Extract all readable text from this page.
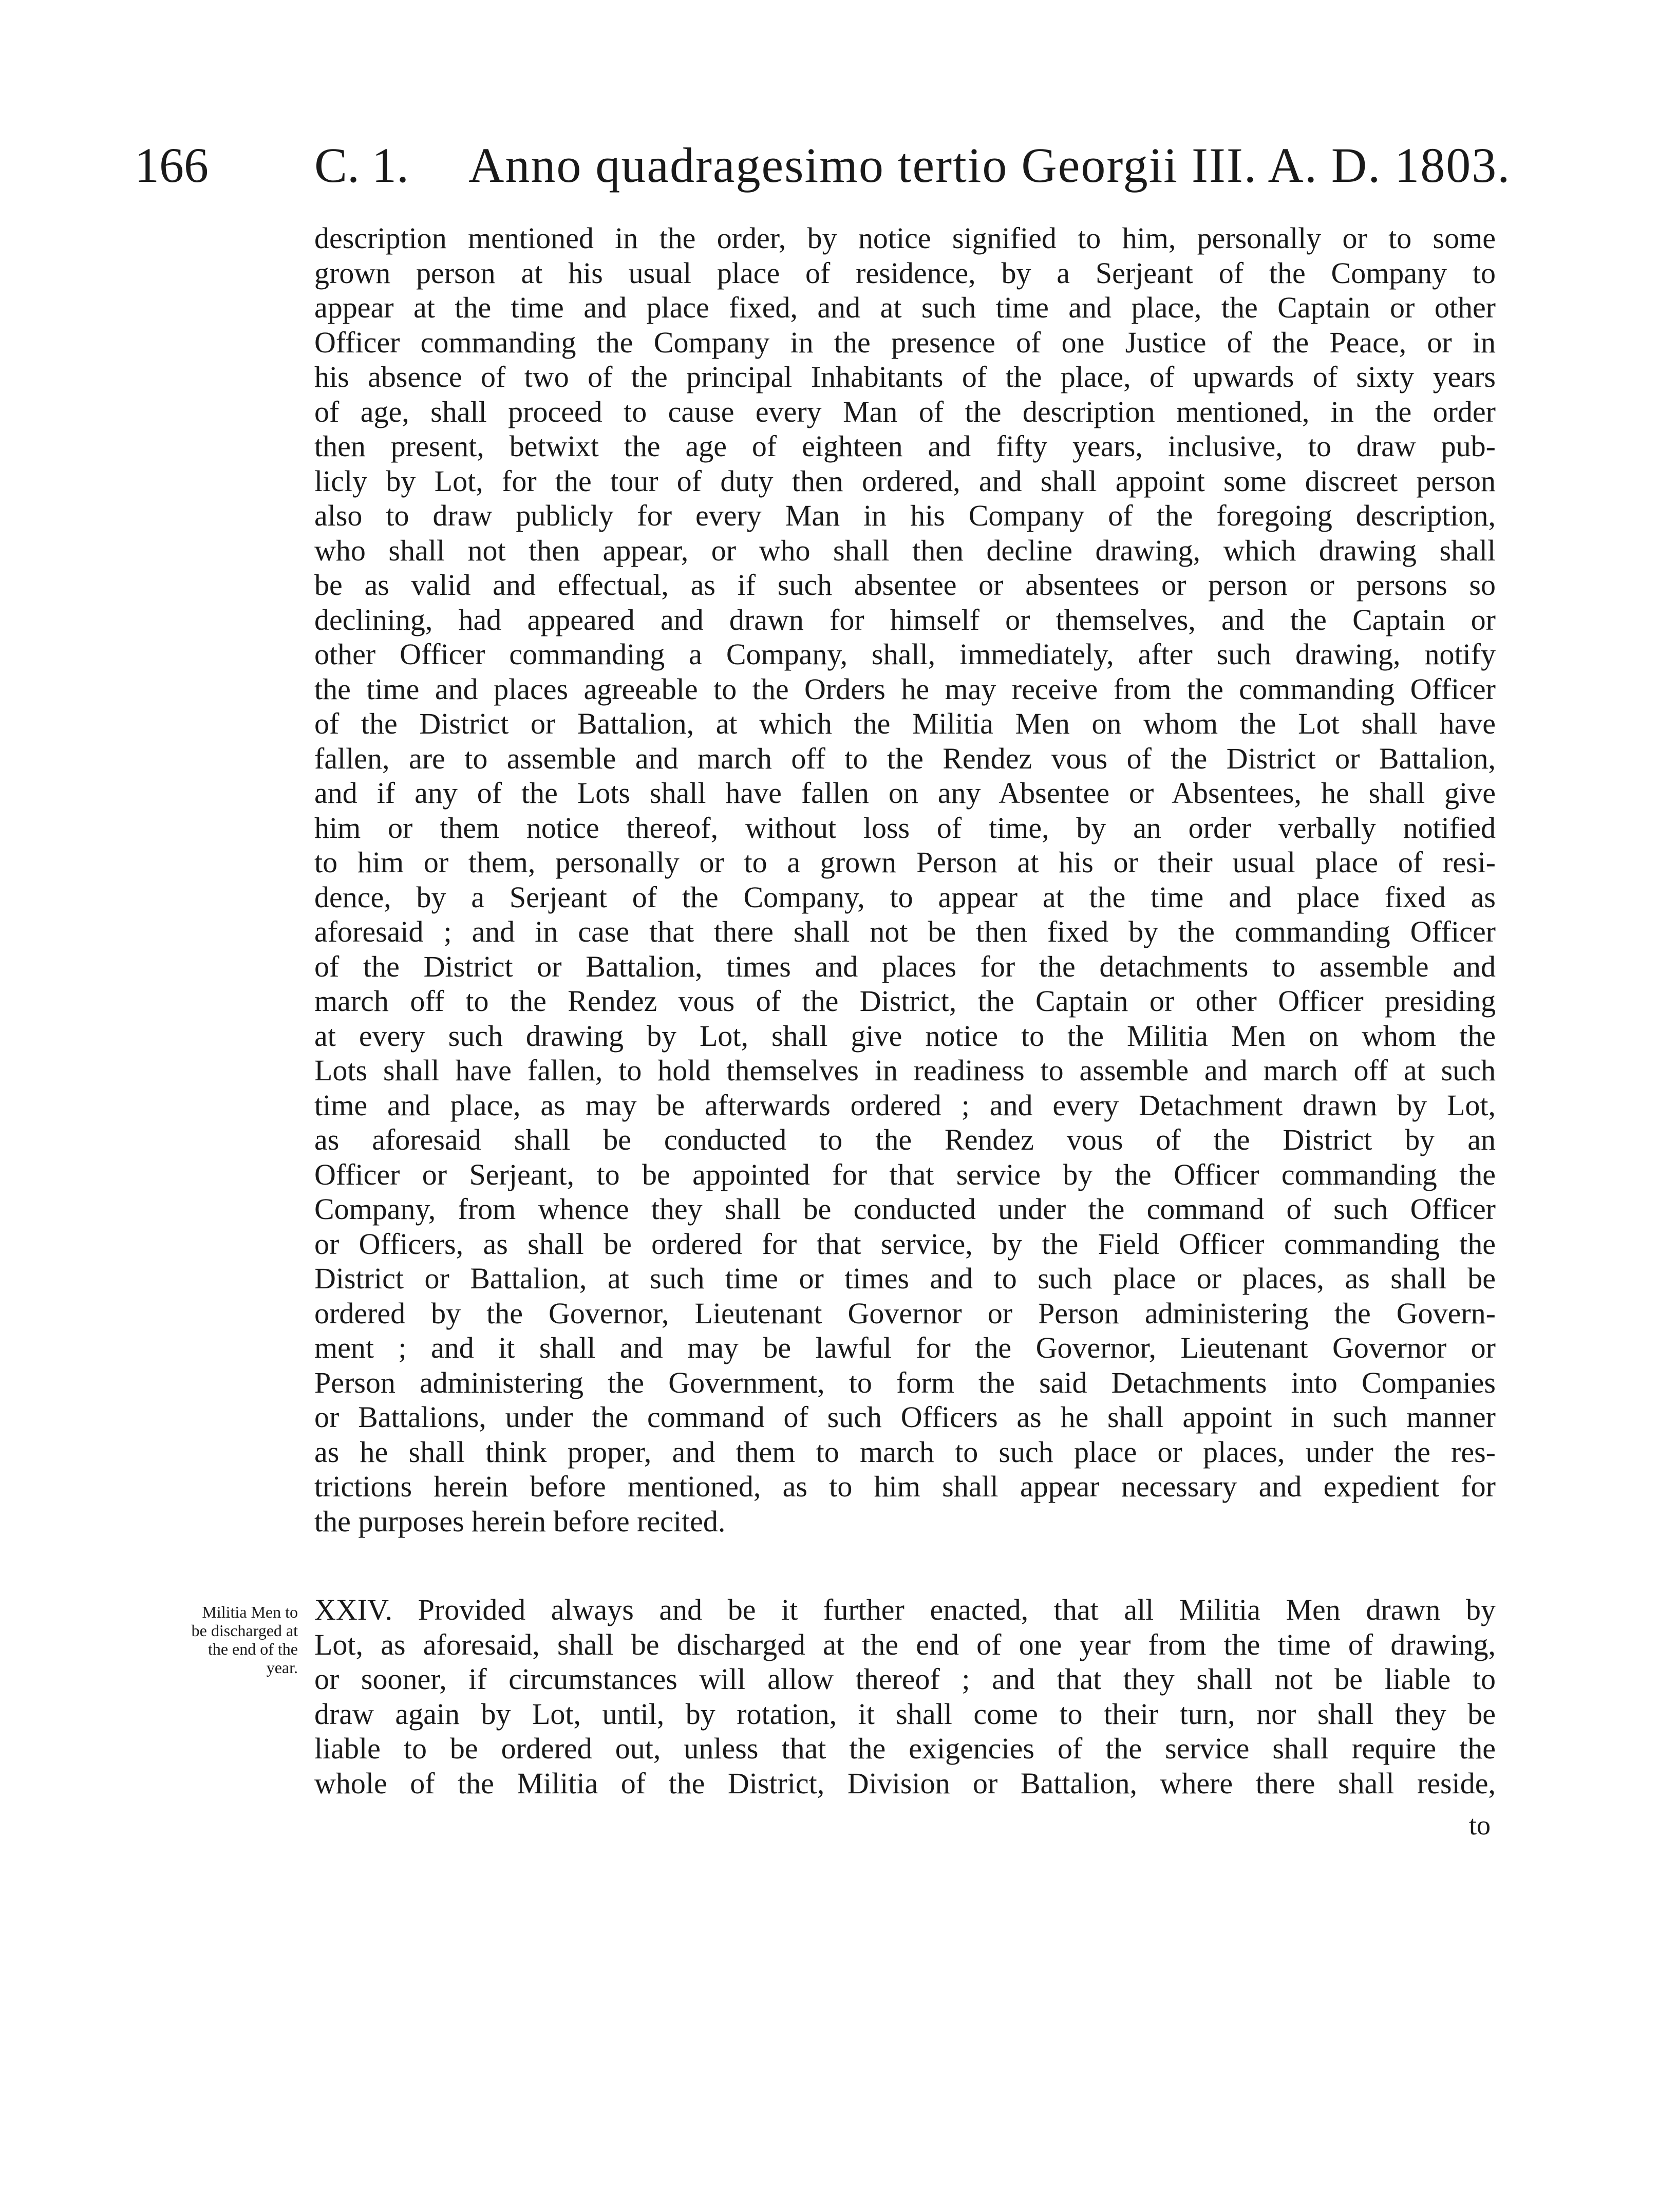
166 C. 1. Anno quadragesimo tertio Georgii III. A. D. 1803.
description mentioned in the order, by notice signified to him, personally or to some
grown person at his usual place of residence, by a Serjeant of the Company to
appear at the time and place fixed, and at such time and place, the Captain or other
Officer commanding the Company in the presence of one Justice of the Peace, or in
his absence of two of the principal Inhabitants of the place, of upwards of sixty years
of age, shall proceed to cause every Man of the description mentioned, in the order
then present, betwixt the age of eighteen and fifty years, inclusive, to draw pub-
licly by Lot, for the tour of duty then ordered, and shall appoint some discreet person
also to draw publicly for every Man in his Company of the foregoing description,
who shall not then appear, or who shall then decline drawing, which drawing shall
be as valid and effectual, as if such absentee or absentees or person or persons so
declining, had appeared and drawn for himself or themselves, and the Captain or
other Officer commanding a Company, shall, immediately, after such drawing, notify
the time and places agreeable to the Orders he may receive from the commanding Officer
of the District or Battalion, at which the Militia Men on whom the Lot shall have
fallen, are to assemble and march off to the Rendez vous of the District or Battalion,
and if any of the Lots shall have fallen on any Absentee or Absentees, he shall give
him or them notice thereof, without loss of time, by an order verbally notified
to him or them, personally or to a grown Person at his or their usual place of resi-
dence, by a Serjeant of the Company, to appear at the time and place fixed as
aforesaid ; and in case that there shall not be then fixed by the commanding Officer
of the District or Battalion, times and places for the detachments to assemble and
march off to the Rendez vous of the District, the Captain or other Officer presiding
at every such drawing by Lot, shall give notice to the Militia Men on whom the
Lots shall have fallen, to hold themselves in readiness to assemble and march off at such
time and place, as may be afterwards ordered ; and every Detachment drawn by Lot,
as aforesaid shall be conducted to the Rendez vous of the District by an
Officer or Serjeant, to be appointed for that service by the Officer commanding the
Company, from whence they shall be conducted under the command of such Officer
or Officers, as shall be ordered for that service, by the Field Officer commanding the
District or Battalion, at such time or times and to such place or places, as shall be
ordered by the Governor, Lieutenant Governor or Person administering the Govern-
ment ; and it shall and may be lawful for the Governor, Lieutenant Governor or
Person administering the Government, to form the said Detachments into Companies
or Battalions, under the command of such Officers as he shall appoint in such manner
as he shall think proper, and them to march to such place or places, under the res-
trictions herein before mentioned, as to him shall appear necessary and expedient for
the purposes herein before recited.
Militia Men to
be discharged at
the end of the
year.
XXIV. Provided always and be it further enacted, that all Militia Men drawn by
Lot, as aforesaid, shall be discharged at the end of one year from the time of drawing,
or sooner, if circumstances will allow thereof ; and that they shall not be liable to
draw again by Lot, until, by rotation, it shall come to their turn, nor shall they be
liable to be ordered out, unless that the exigencies of the service shall require the
whole of the Militia of the District, Division or Battalion, where there shall reside,
to
